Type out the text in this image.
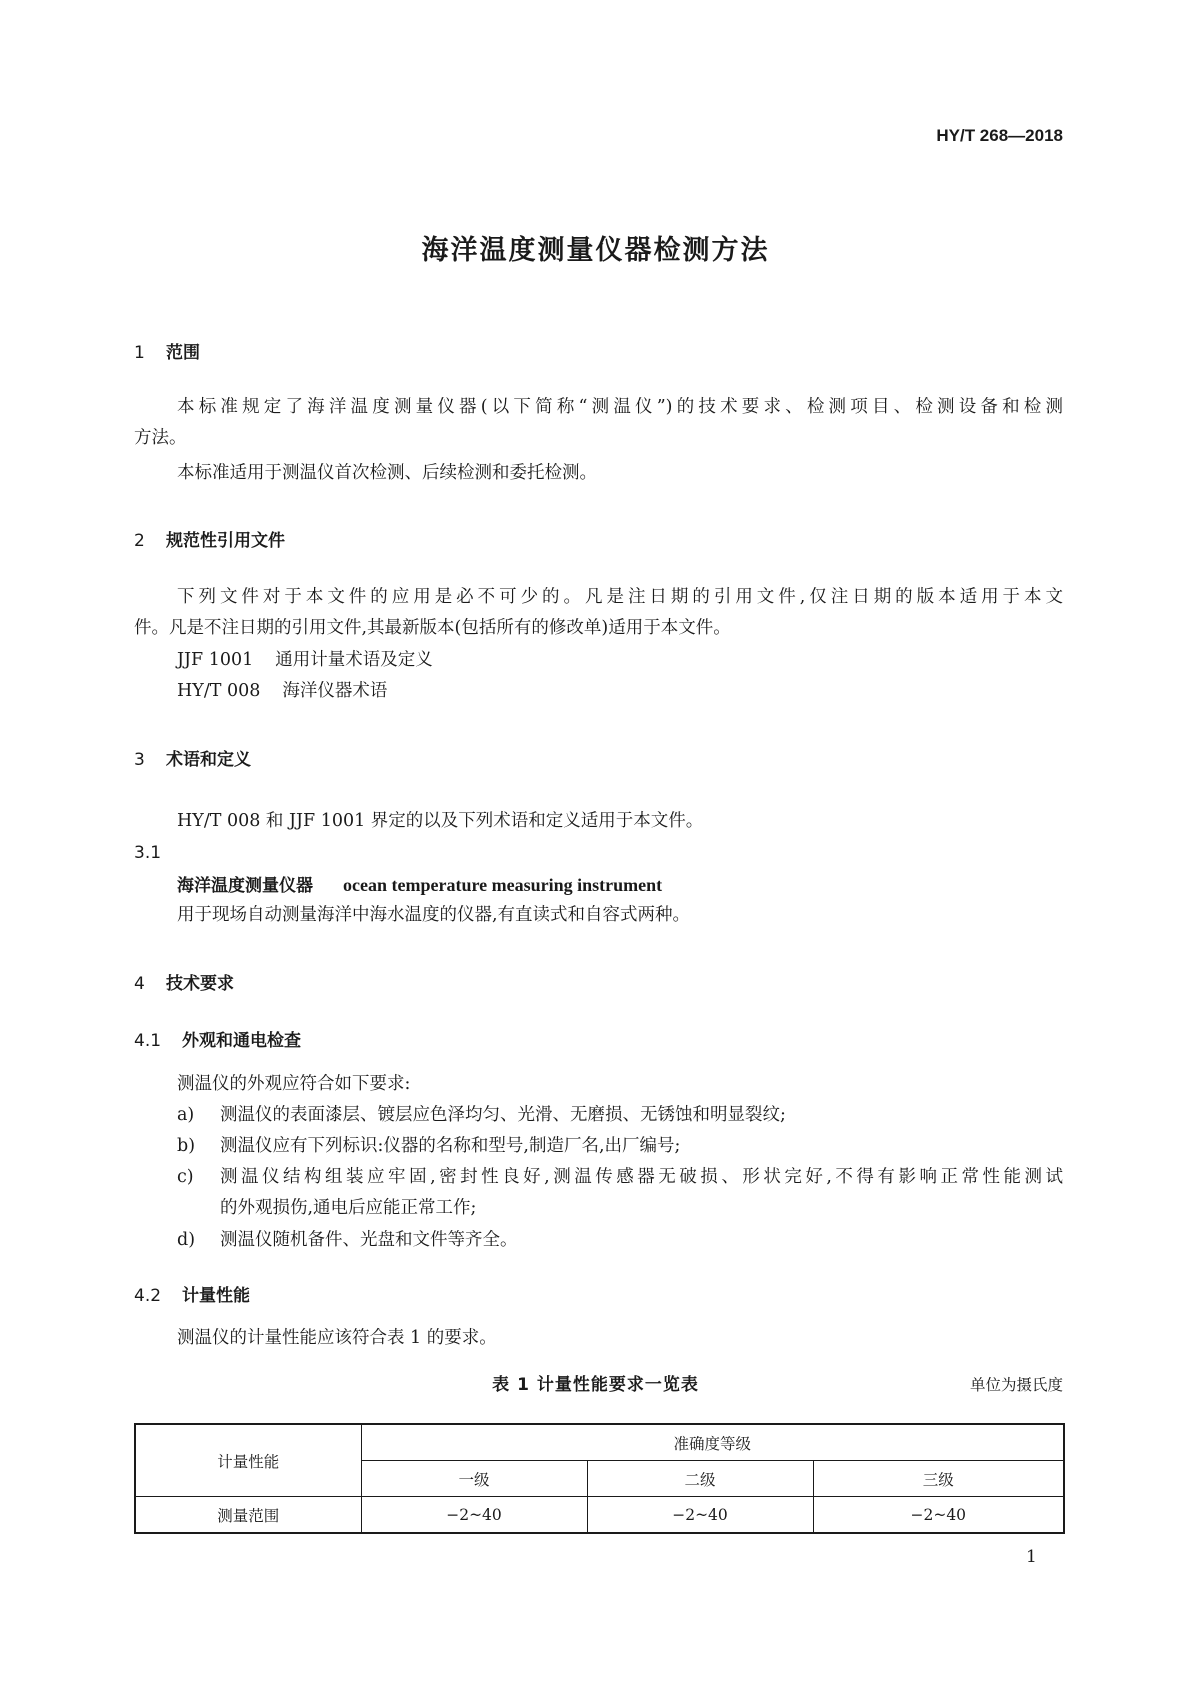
HY/T 268—2018
海洋温度测量仪器检测方法
1 范围
本标准规定了海洋温度测量仪器(以下简称“测温仪”)的技术要求、检测项目、检测设备和检测
方法。
本标准适用于测温仪首次检测、后续检测和委托检测。
2 规范性引用文件
下列文件对于本文件的应用是必不可少的。凡是注日期的引用文件,仅注日期的版本适用于本文
件。凡是不注日期的引用文件,其最新版本(包括所有的修改单)适用于本文件。
JJF 1001 通用计量术语及定义
HY/T 008 海洋仪器术语
3 术语和定义
HY/T 008 和 JJF 1001 界定的以及下列术语和定义适用于本文件。
3.1
海洋温度测量仪器 ocean temperature measuring instrument
用于现场自动测量海洋中海水温度的仪器,有直读式和自容式两种。
4 技术要求
4.1 外观和通电检查
测温仪的外观应符合如下要求:
a) 测温仪的表面漆层、镀层应色泽均匀、光滑、无磨损、无锈蚀和明显裂纹;
b) 测温仪应有下列标识:仪器的名称和型号,制造厂名,出厂编号;
c) 测温仪结构组装应牢固,密封性良好,测温传感器无破损、形状完好,不得有影响正常性能测试
的外观损伤,通电后应能正常工作;
d) 测温仪随机备件、光盘和文件等齐全。
4.2 计量性能
测温仪的计量性能应该符合表 1 的要求。
表 1 计量性能要求一览表	单位为摄氏度
计量性能	准确度等级		
	一级	二级	三级
测量范围	−2~40	−2~40	−2~40
1
